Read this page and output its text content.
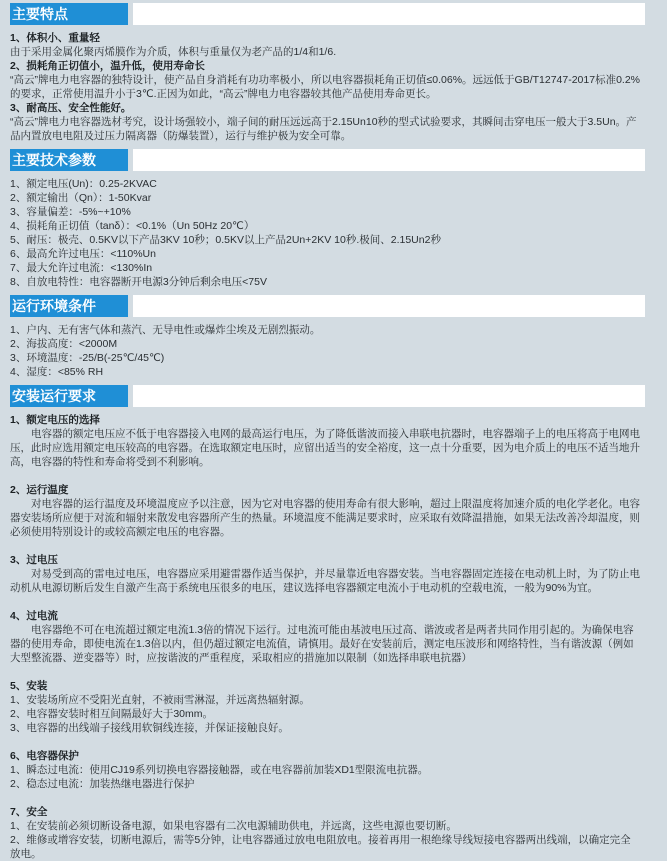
主要特点
1、体积小、重量轻
由于采用金属化聚丙烯膜作为介质，体积与重量仅为老产品的1/4和1/6.
2、损耗角正切值小，温升低，使用寿命长
“高云”牌电力电容器的独特设计，使产品自身消耗有功功率极小，所以电容器损耗角正切值≤0.06%。远远低于GB/T12747-2017标准0.2%的要求，正常使用温升小于3℃.正因为如此，“高云”牌电力电容器较其他产品使用寿命更长。
3、耐高压、安全性能好。
“高云”牌电力电容器选材考究，设计场强较小，端子间的耐压远远高于2.15Un10秒的型式试验要求，其瞬间击穿电压一般大于3.5Un。产品内置放电电阻及过压力隔离器（防爆装置），运行与维护极为安全可靠。
主要技术参数
1、额定电压(Un)：0.25-2KVAC
2、额定输出（Qn）：1-50Kvar
3、容量偏差：-5%~+10%
4、损耗角正切值（tanδ）：<0.1%（Un 50Hz 20℃）
5、耐压：极壳、0.5KV以下产品3KV 10秒；0.5KV以上产品2Un+2KV 10秒.极间、2.15Un2秒
6、最高允许过电压：<110%Un
7、最大允许过电流：<130%In
8、自放电特性：电容器断开电源3分钟后剩余电压<75V
运行环境条件
1、户内、无有害气体和蒸汽、无导电性或爆炸尘埃及无剧烈振动。
2、海拔高度：<2000M
3、环境温度：-25/B(-25℃/45℃)
4、湿度：<85% RH
安装运行要求
1、额定电压的选择
电容器的额定电压应不低于电容器接入电网的最高运行电压，为了降低谐波而接入串联电抗器时，电容器端子上的电压将高于电网电压，此时应选用额定电压较高的电容器。在选取额定电压时，应留出适当的安全裕度，这一点十分重要，因为电介质上的电压不适当地升高，电容器的特性和寿命将受到不利影响。
2、运行温度
对电容器的运行温度及环境温度应予以注意，因为它对电容器的使用寿命有很大影响，超过上限温度将加速介质的电化学老化。电容器安装场所应便于对流和辐射来散发电容器所产生的热量。环境温度不能满足要求时，应采取有效降温措施，如果无法改善冷却温度，则必须使用特别设计的或较高额定电压的电容器。
3、过电压
对易受到高的雷电过电压，电容器应采用避雷器作适当保护，并尽量靠近电容器安装。当电容器固定连接在电动机上时，为了防止电动机从电源切断后发生自激产生高于系统电压很多的电压，建议选择电容器额定电流小于电动机的空载电流，一般为90%为宜。
4、过电流
电容器绝不可在电流超过额定电流1.3倍的情况下运行。过电流可能由基波电压过高、谐波或者是两者共同作用引起的。为确保电容器的使用寿命，即使电流在1.3倍以内，但仍超过额定电流值，请慎用。最好在安装前后，测定电压波形和网络特性，当有谐波源（例如大型整流器、逆变器等）时，应按谐波的严重程度，采取相应的措施加以限制（如选择串联电抗器）
5、安装
1、安装场所应不受阳光直射，不被雨雪淋湿，并远离热辐射源。
2、电容器安装时相互间隔最好大于30mm。
3、电容器的出线端子接线用软铜线连接，并保证接触良好。
6、电容器保护
1、瞬态过电流：使用CJ19系列切换电容器接触器，或在电容器前加装XD1型限流电抗器。
2、稳态过电流：加装热继电器进行保护
7、安全
1、在安装前必须切断设备电源，如果电容器有二次电源辅助供电，并远离，这些电源也要切断。
2、维修或增容安装，切断电源后，需等5分钟，让电容器通过放电电阻放电。接着再用一根绝缘导线短接电容器两出线端，以确定完全放电。
